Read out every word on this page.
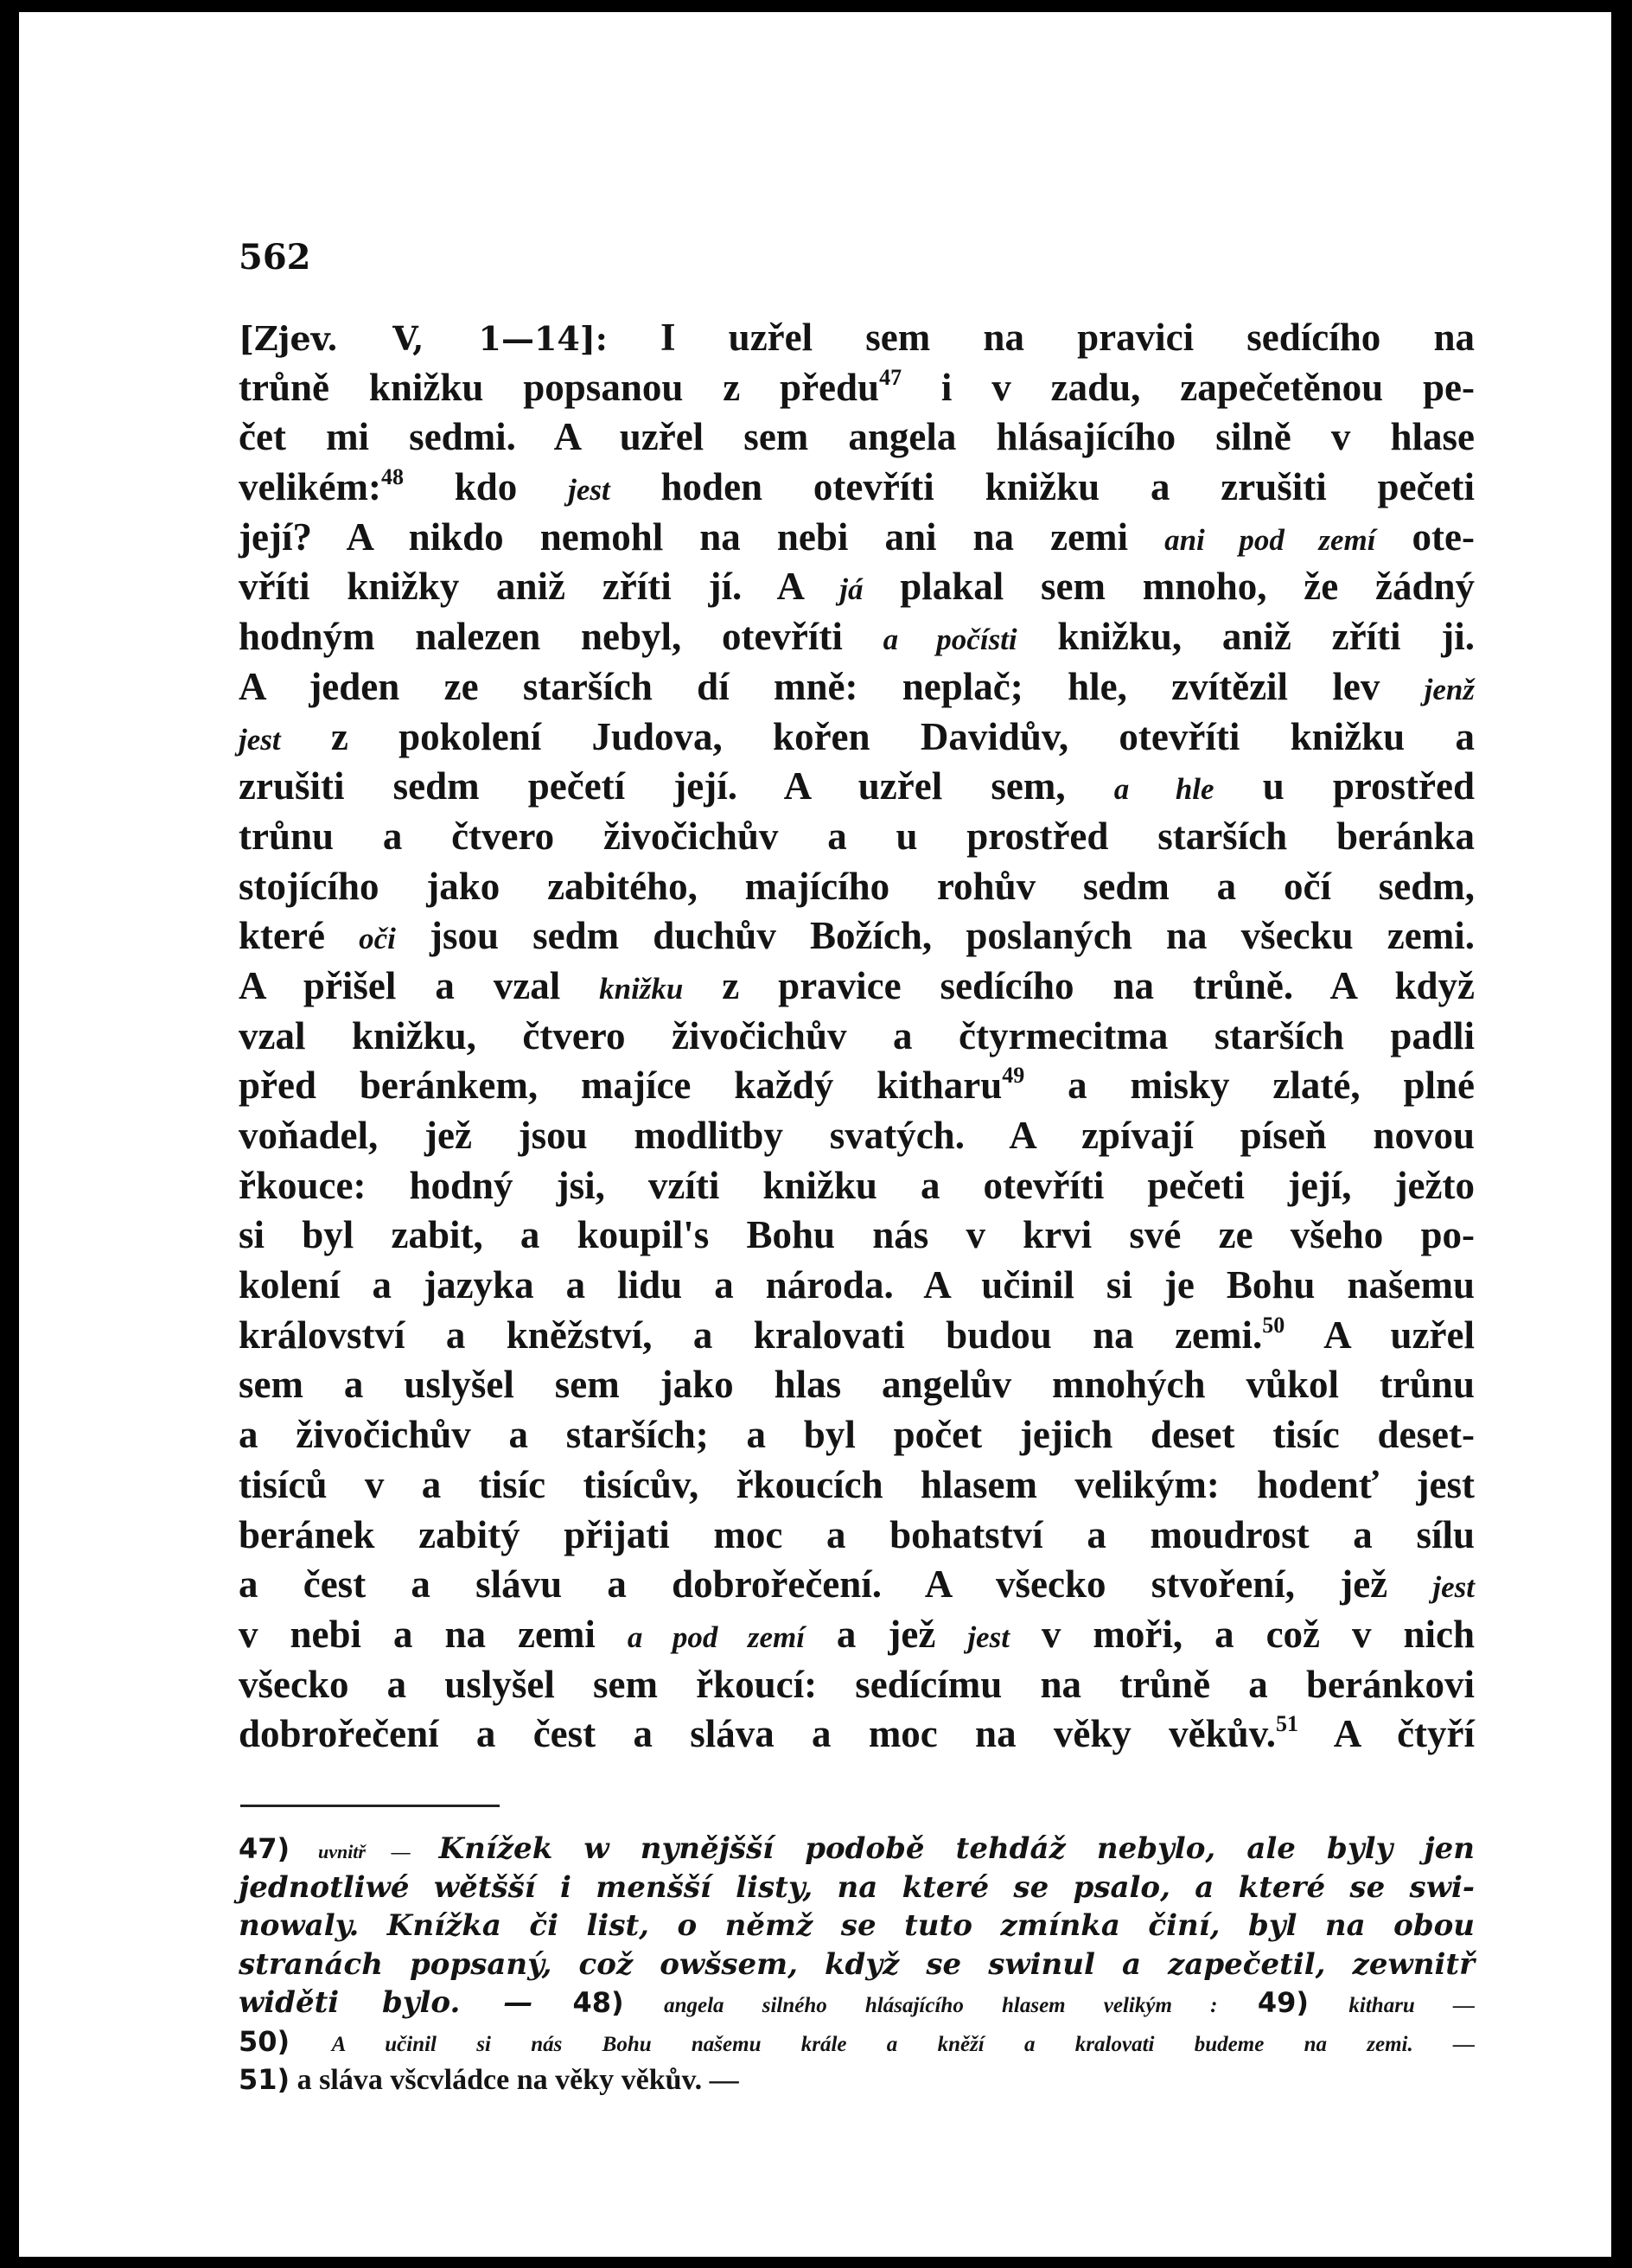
562
[Zjev. V, 1—14]: I uzřel sem na pravici sedícího na
trůně knižku popsanou z předu$^{47}$ i v zadu, zapečetěnou pe-
čet mi sedmi. A uzřel sem angela hlásajícího silně v hlase
velikém:$^{48}$ kdo jest hoden otevříti knižku a zrušiti pečeti
její? A nikdo nemohl na nebi ani na zemi ani pod zemí ote-
vříti knižky aniž zříti jí. A já plakal sem mnoho, že žádný
hodným nalezen nebyl, otevříti a počísti knižku, aniž zříti ji.
A jeden ze starších dí mně: neplač; hle, zvítězil lev jenž
jest z pokolení Judova, kořen Davidův, otevříti knižku a
zrušiti sedm pečetí její. A uzřel sem, a hle u prostřed
trůnu a čtvero živočichův a u prostřed starších beránka
stojícího jako zabitého, majícího rohův sedm a očí sedm,
které oči jsou sedm duchův Božích, poslaných na všecku zemi.
A přišel a vzal knižku z pravice sedícího na trůně. A když
vzal knižku, čtvero živočichův a čtyrmecitma starších padli
před beránkem, majíce každý kitharu$^{49}$ a misky zlaté, plné
voňadel, jež jsou modlitby svatých. A zpívají píseň novou
řkouce: hodný jsi, vzíti knižku a otevříti pečeti její, ježto
si byl zabit, a koupil's Bohu nás v krvi své ze všeho po-
kolení a jazyka a lidu a národa. A učinil si je Bohu našemu
království a kněžství, a kralovati budou na zemi.$^{50}$ A uzřel
sem a uslyšel sem jako hlas angelův mnohých vůkol trůnu
a živočichův a starších; a byl počet jejich deset tisíc deset-
tisíců v a tisíc tisícův, řkoucích hlasem velikým: hodenť jest
beránek zabitý přijati moc a bohatství a moudrost a sílu
a čest a slávu a dobrořečení. A všecko stvoření, jež jest
v nebi a na zemi a pod zemí a jež jest v moři, a což v nich
všecko a uslyšel sem řkoucí: sedícímu na trůně a beránkovi
dobrořečení a čest a sláva a moc na věky věkův.$^{51}$ A čtyří
47) uvnitř — Knížek w nynějšší podobě tehdáž nebylo, ale byly jen
jednotliwé wětšší i menšší listy, na které se psalo, a které se swi-
nowaly. Knížka či list, o němž se tuto zmínka činí, byl na obou
stranách popsaný, což owšsem, když se swinul a zapečetil, zewnitř
widěti bylo. — 48) angela silného hlásajícího hlasem velikým : 49) kitharu —
50) A učinil si nás Bohu našemu krále a kněží a kralovati budeme na zemi. —
51) a sláva všcvládce na věky věkův. —
